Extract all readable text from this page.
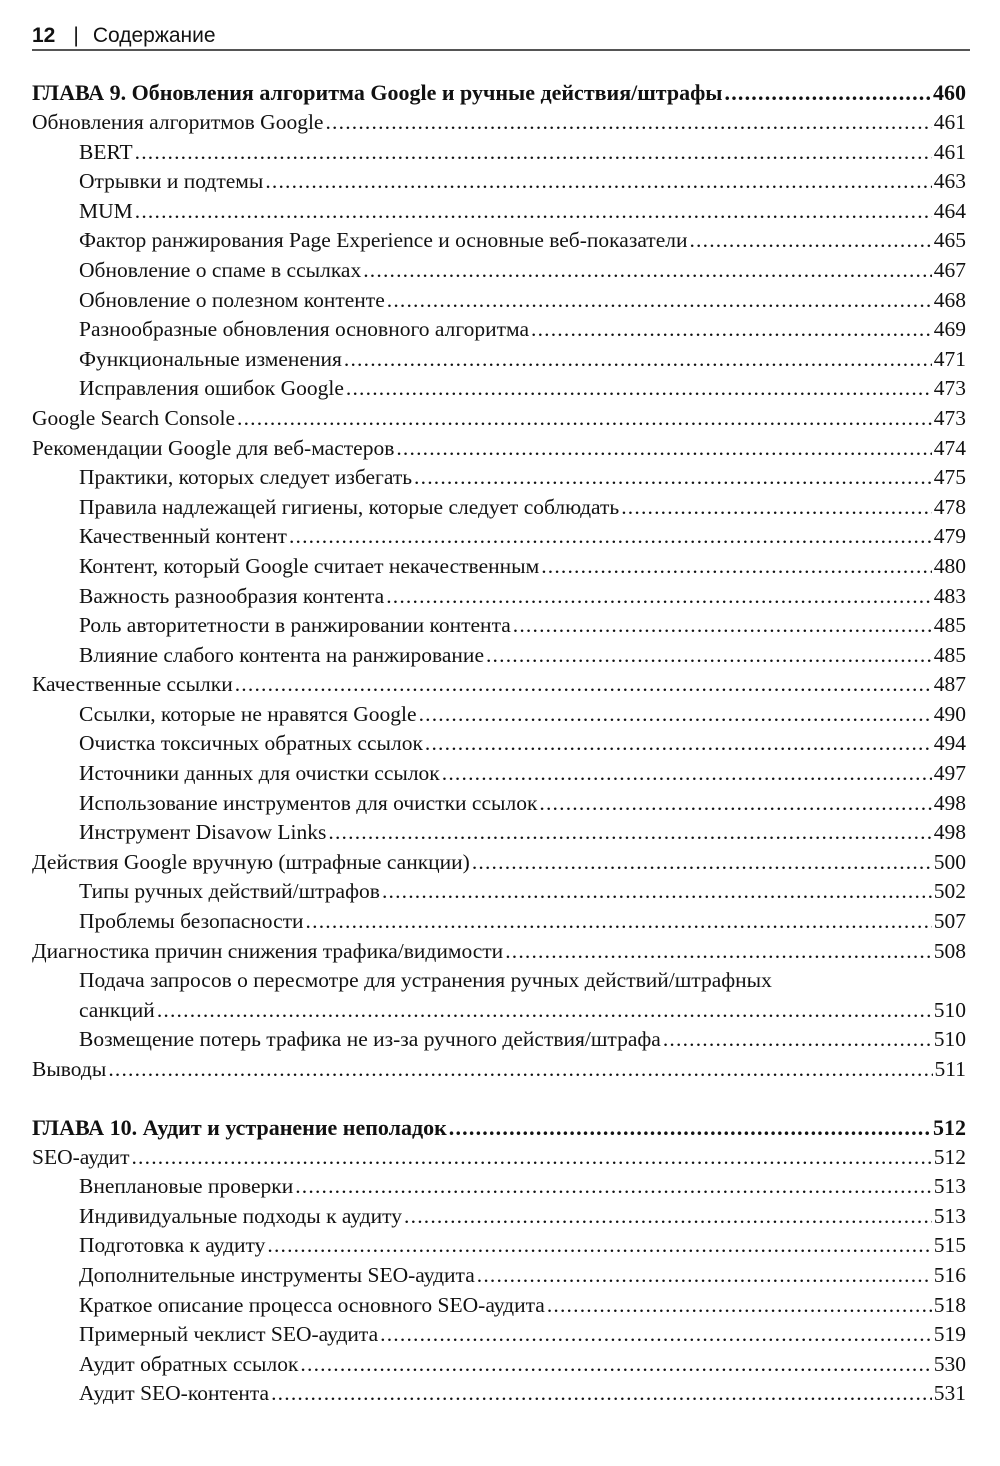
12 | Содержание
ГЛАВА 9. Обновления алгоритма Google и ручные действия/штрафы .....	460
Обновления алгоритмов Google .....	461
BERT .....	461
Отрывки и подтемы .....	463
MUM .....	464
Фактор ранжирования Page Experience и основные веб-показатели .....	465
Обновление о спаме в ссылках .....	467
Обновление о полезном контенте .....	468
Разнообразные обновления основного алгоритма .....	469
Функциональные изменения .....	471
Исправления ошибок Google .....	473
Google Search Console .....	473
Рекомендации Google для веб-мастеров .....	474
Практики, которых следует избегать .....	475
Правила надлежащей гигиены, которые следует соблюдать .....	478
Качественный контент .....	479
Контент, который Google считает некачественным .....	480
Важность разнообразия контента .....	483
Роль авторитетности в ранжировании контента .....	485
Влияние слабого контента на ранжирование .....	485
Качественные ссылки .....	487
Ссылки, которые не нравятся Google .....	490
Очистка токсичных обратных ссылок .....	494
Источники данных для очистки ссылок .....	497
Использование инструментов для очистки ссылок .....	498
Инструмент Disavow Links .....	498
Действия Google вручную (штрафные санкции) .....	500
Типы ручных действий/штрафов .....	502
Проблемы безопасности .....	507
Диагностика причин снижения трафика/видимости .....	508
Подача запросов о пересмотре для устранения ручных действий/штрафных
санкций .....	510
Возмещение потерь трафика не из-за ручного действия/штрафа .....	510
Выводы .....	511
ГЛАВА 10. Аудит и устранение неполадок .....	512
SEO-аудит .....	512
Внеплановые проверки .....	513
Индивидуальные подходы к аудиту .....	513
Подготовка к аудиту .....	515
Дополнительные инструменты SEO-аудита .....	516
Краткое описание процесса основного SEO-аудита .....	518
Примерный чеклист SEO-аудита .....	519
Аудит обратных ссылок .....	530
Аудит SEO-контента .....	531
